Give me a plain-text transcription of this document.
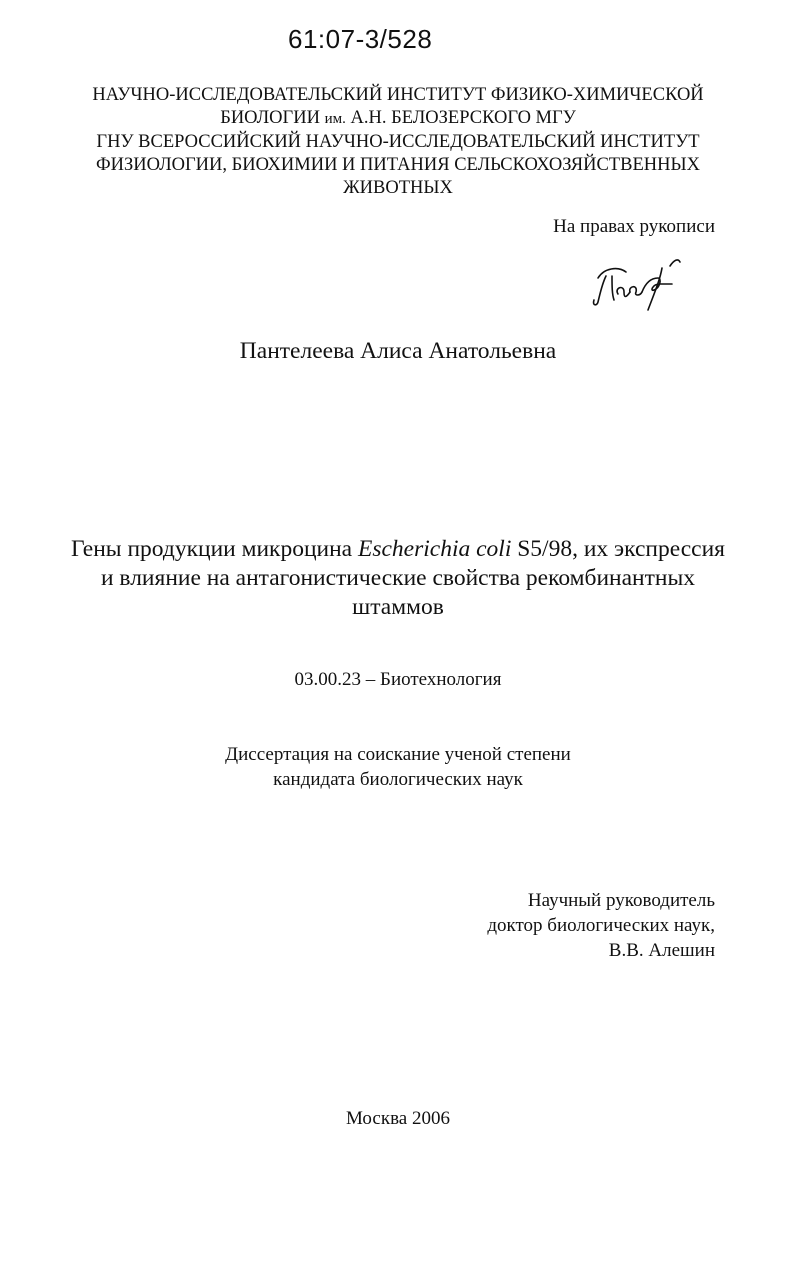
61:07-3/528
НАУЧНО-ИССЛЕДОВАТЕЛЬСКИЙ ИНСТИТУТ ФИЗИКО-ХИМИЧЕСКОЙ
БИОЛОГИИ им. А.Н. БЕЛОЗЕРСКОГО МГУ
ГНУ ВСЕРОССИЙСКИЙ НАУЧНО-ИССЛЕДОВАТЕЛЬСКИЙ ИНСТИТУТ
ФИЗИОЛОГИИ, БИОХИМИИ И ПИТАНИЯ СЕЛЬСКОХОЗЯЙСТВЕННЫХ
ЖИВОТНЫХ
На правах рукописи
Пантелеева Алиса Анатольевна
Гены продукции микроцина Escherichia coli S5/98, их экспрессия
и влияние на антагонистические свойства рекомбинантных
штаммов
03.00.23 – Биотехнология
Диссертация на соискание ученой степени
кандидата биологических наук
Научный руководитель
доктор биологических наук,
В.В. Алешин
Москва 2006
